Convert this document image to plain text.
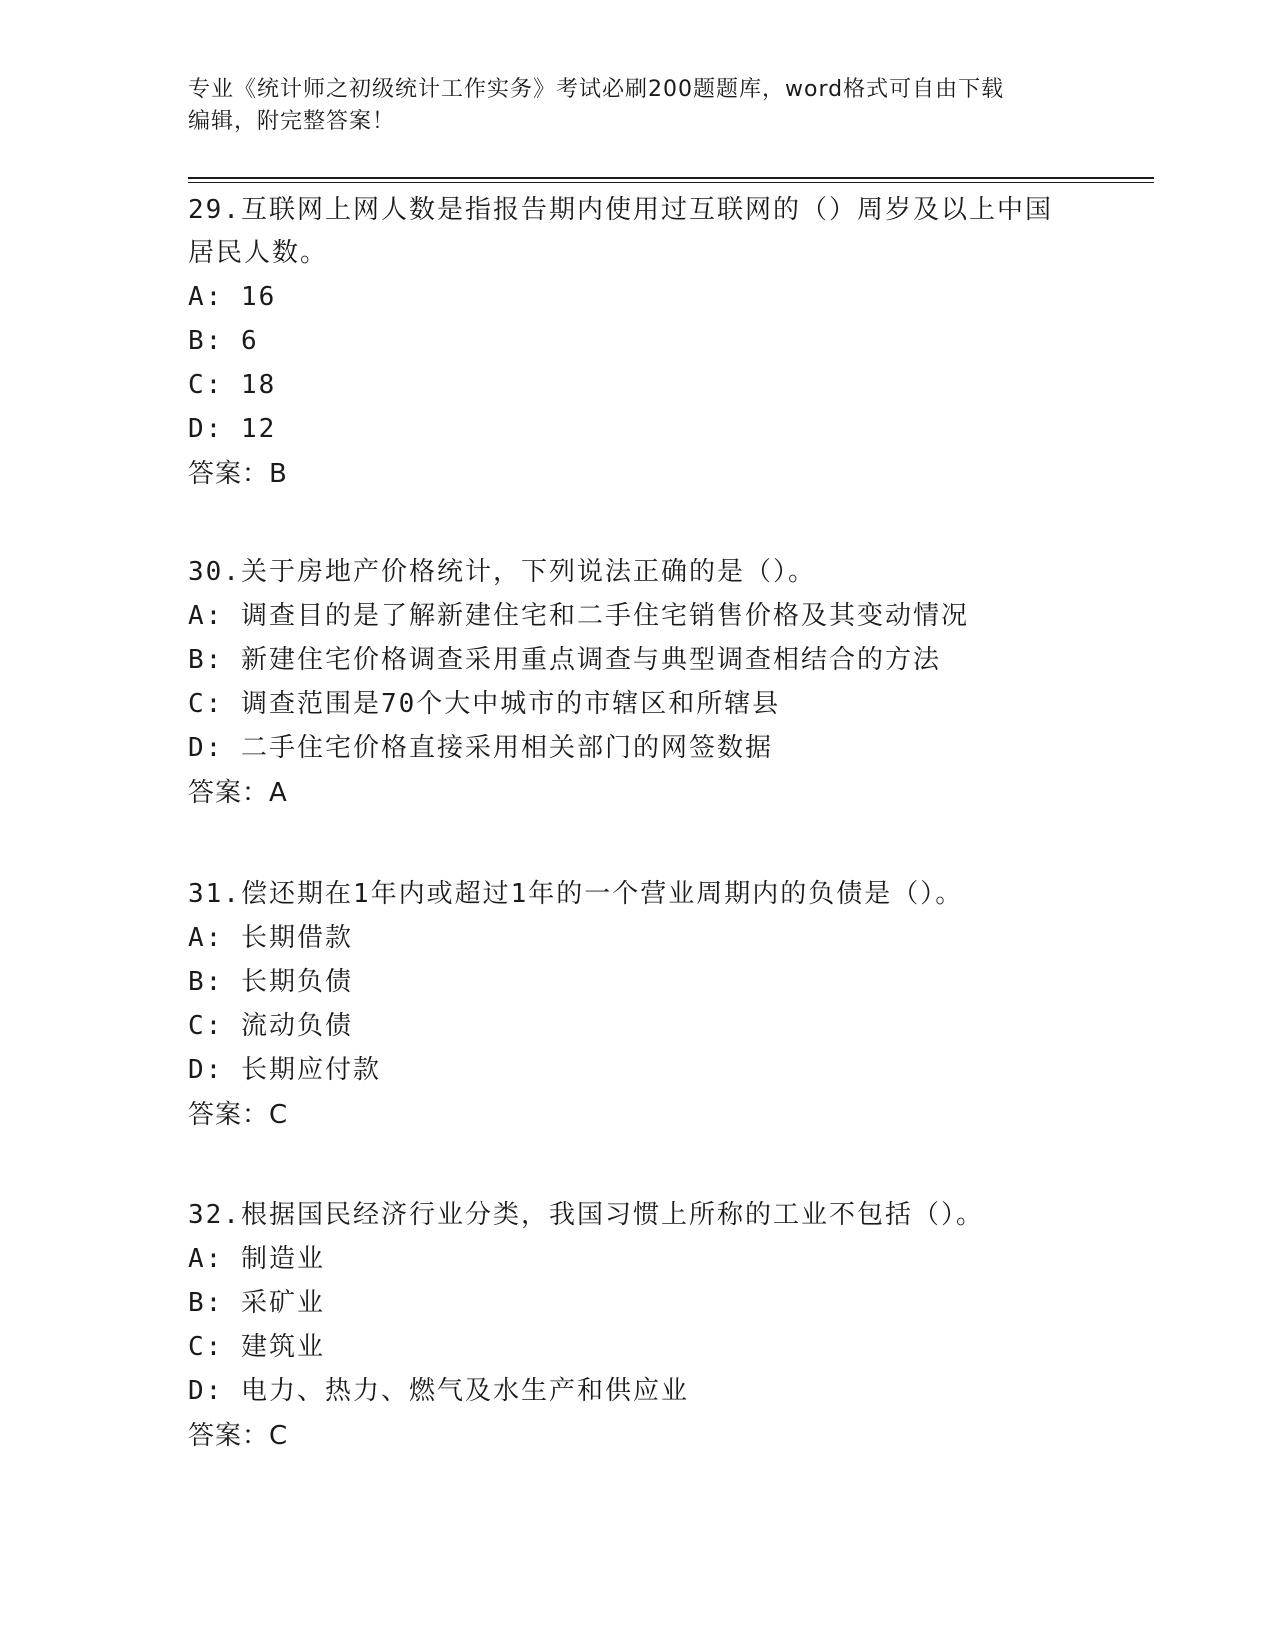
专业《统计师之初级统计工作实务》考试必刷200题题库，word格式可自由下载
编辑，附完整答案！
29.互联网上网人数是指报告期内使用过互联网的（）周岁及以上中国
居民人数。
A: 16
B: 6
C: 18
D: 12
答案：B
30.关于房地产价格统计，下列说法正确的是（）。
A: 调查目的是了解新建住宅和二手住宅销售价格及其变动情况
B: 新建住宅价格调查采用重点调查与典型调查相结合的方法
C: 调查范围是70个大中城市的市辖区和所辖县
D: 二手住宅价格直接采用相关部门的网签数据
答案：A
31.偿还期在1年内或超过1年的一个营业周期内的负债是（）。
A: 长期借款
B: 长期负债
C: 流动负债
D: 长期应付款
答案：C
32.根据国民经济行业分类，我国习惯上所称的工业不包括（）。
A: 制造业
B: 采矿业
C: 建筑业
D: 电力、热力、燃气及水生产和供应业
答案：C
